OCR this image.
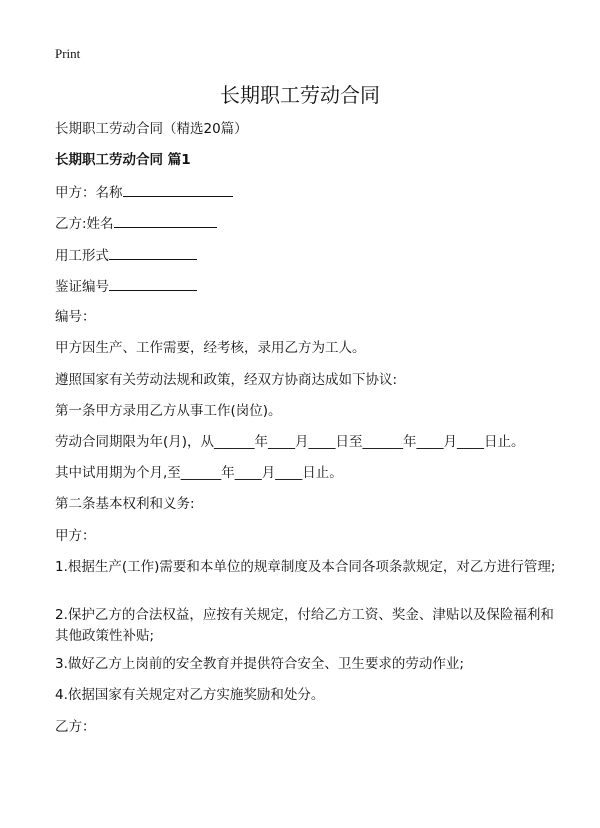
Print
长期职工劳动合同
长期职工劳动合同（精选20篇）
长期职工劳动合同 篇1
甲方：名称
乙方:姓名
用工形式
鉴证编号
编号：
甲方因生产、工作需要，经考核，录用乙方为工人。
遵照国家有关劳动法规和政策，经双方协商达成如下协议:
第一条甲方录用乙方从事工作(岗位)。
劳动合同期限为年(月)，从______年____月____日至______年____月____日止。
其中试用期为个月,至______年____月____日止。
第二条基本权利和义务:
甲方：
1.根据生产(工作)需要和本单位的规章制度及本合同各项条款规定，对乙方进行管理;
2.保护乙方的合法权益，应按有关规定，付给乙方工资、奖金、津贴以及保险福利和其他政策性补贴;
3.做好乙方上岗前的安全教育并提供符合安全、卫生要求的劳动作业;
4.依据国家有关规定对乙方实施奖励和处分。
乙方：
